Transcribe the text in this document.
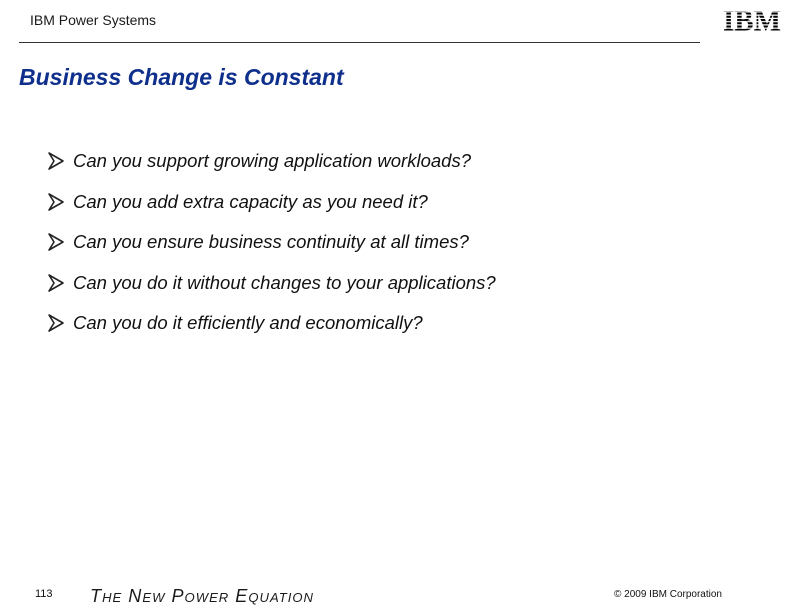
IBM Power Systems	IBM
Business Change is Constant
Can you support growing application workloads?
Can you add extra capacity as you need it?
Can you ensure business continuity at all times?
Can you do it without changes to your applications?
Can you do it efficiently and economically?
113 The New Power Equation	© 2009 IBM Corporation
